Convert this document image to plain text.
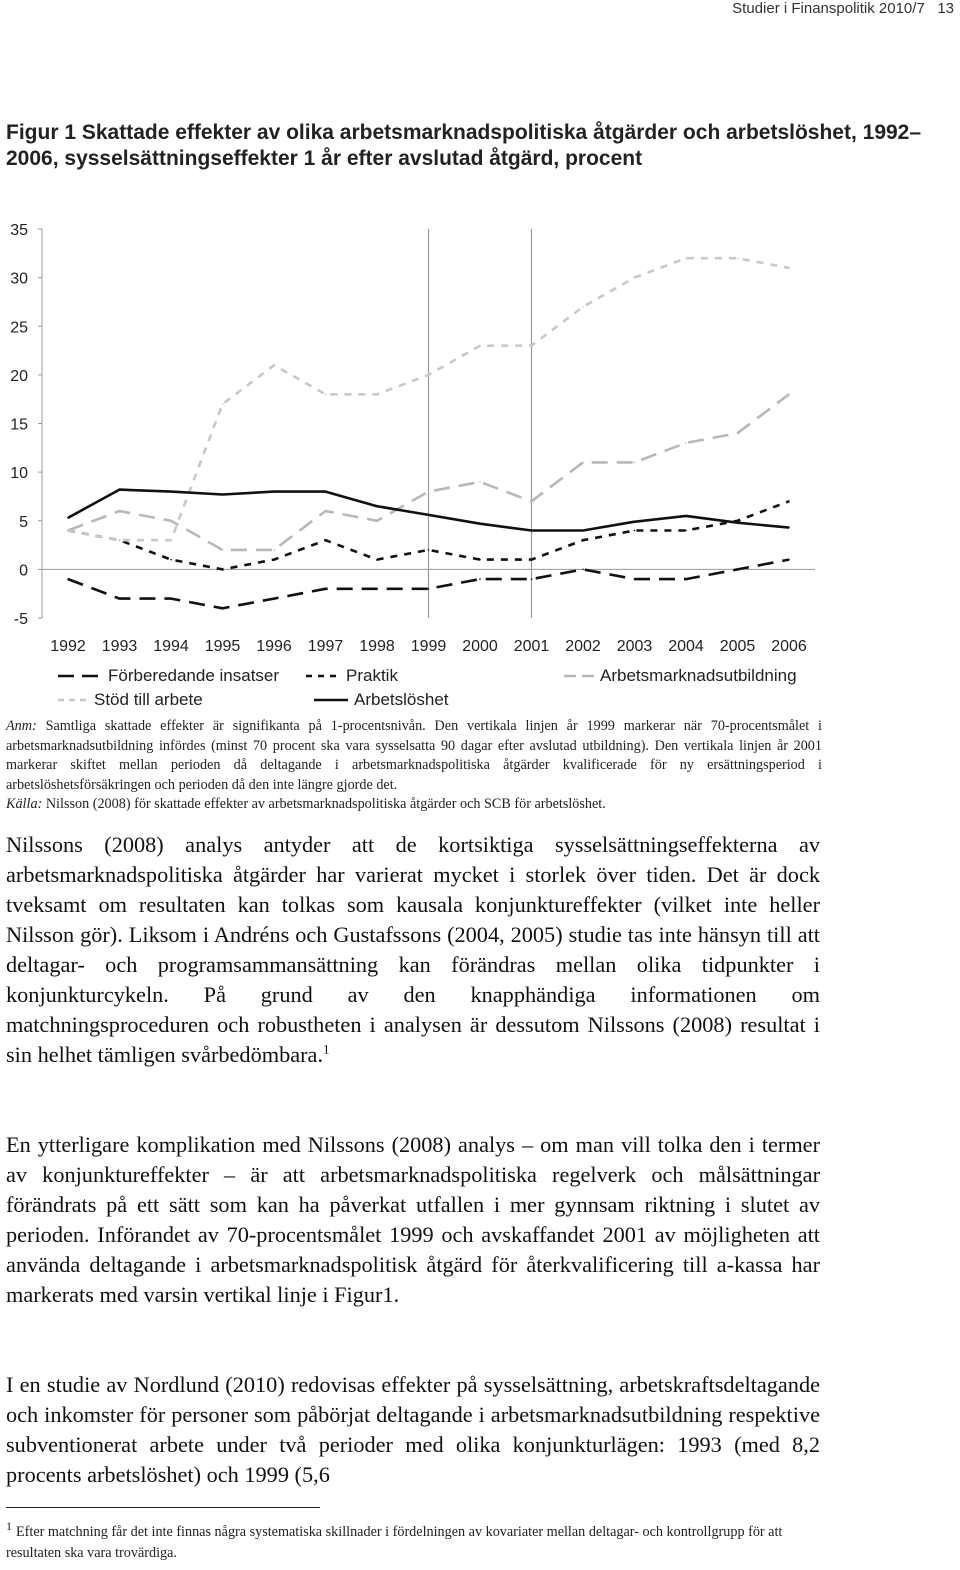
Studier i Finanspolitik 2010/7 13
Figur 1 Skattade effekter av olika arbetsmarknadspolitiska åtgärder och arbetslöshet, 1992–2006, sysselsättningseffekter 1 år efter avslutad åtgärd, procent
35
30
25
20
15
10
5
0
-5
1992 1993 1994 1995 1996 1997 1998 1999 2000 2001 2002 2003 2004 2005 2006
Förberedande insatser	Praktik	Arbetsmarknadsutbildning
Stöd till arbete	Arbetslöshet

Anm: Samtliga skattade effekter är signifikanta på 1-procentsnivån. Den vertikala linjen år 1999 markerar när 70-procentsmålet i arbetsmarknadsutbildning infördes (minst 70 procent ska vara sysselsatta 90 dagar efter avslutad utbildning). Den vertikala linjen år 2001 markerar skiftet mellan perioden då deltagande i arbetsmarknadspolitiska åtgärder kvalificerade för ny ersättningsperiod i arbetslöshetsförsäkringen och perioden då den inte längre gjorde det.

Källa: Nilsson (2008) för skattade effekter av arbetsmarknadspolitiska åtgärder och SCB för arbetslöshet.

Nilssons (2008) analys antyder att de kortsiktiga sysselsättningseffekterna av arbetsmarknadspolitiska åtgärder har varierat mycket i storlek över tiden. Det är dock tveksamt om resultaten kan tolkas som kausala konjunktureffekter (vilket inte heller Nilsson gör). Liksom i Andréns och Gustafssons (2004, 2005) studie tas inte hänsyn till att deltagar- och programsammansättning kan förändras mellan olika tidpunkter i konjunkturcykeln. På grund av den knapphändiga informationen om matchningsproceduren och robustheten i analysen är dessutom Nilssons (2008) resultat i sin helhet tämligen svårbedömbara.$^1$
En ytterligare komplikation med Nilssons (2008) analys – om man vill tolka den i termer av konjunktureffekter – är att arbetsmarknadspolitiska regelverk och målsättningar förändrats på ett sätt som kan ha påverkat utfallen i mer gynnsam riktning i slutet av perioden. Införandet av 70-procentsmålet 1999 och avskaffandet 2001 av möjligheten att använda deltagande i arbetsmarknadspolitisk åtgärd för återkvalificering till a-kassa har markerats med varsin vertikal linje i Figur1.
I en studie av Nordlund (2010) redovisas effekter på sysselsättning, arbetskraftsdeltagande och inkomster för personer som påbörjat deltagande i arbetsmarknadsutbildning respektive subventionerat arbete under två perioder med olika konjunkturlägen: 1993 (med 8,2 procents arbetslöshet) och 1999 (5,6
$^1$ Efter matchning får det inte finnas några systematiska skillnader i fördelningen av kovariater mellan deltagar- och kontrollgrupp för att resultaten ska vara trovärdiga.
